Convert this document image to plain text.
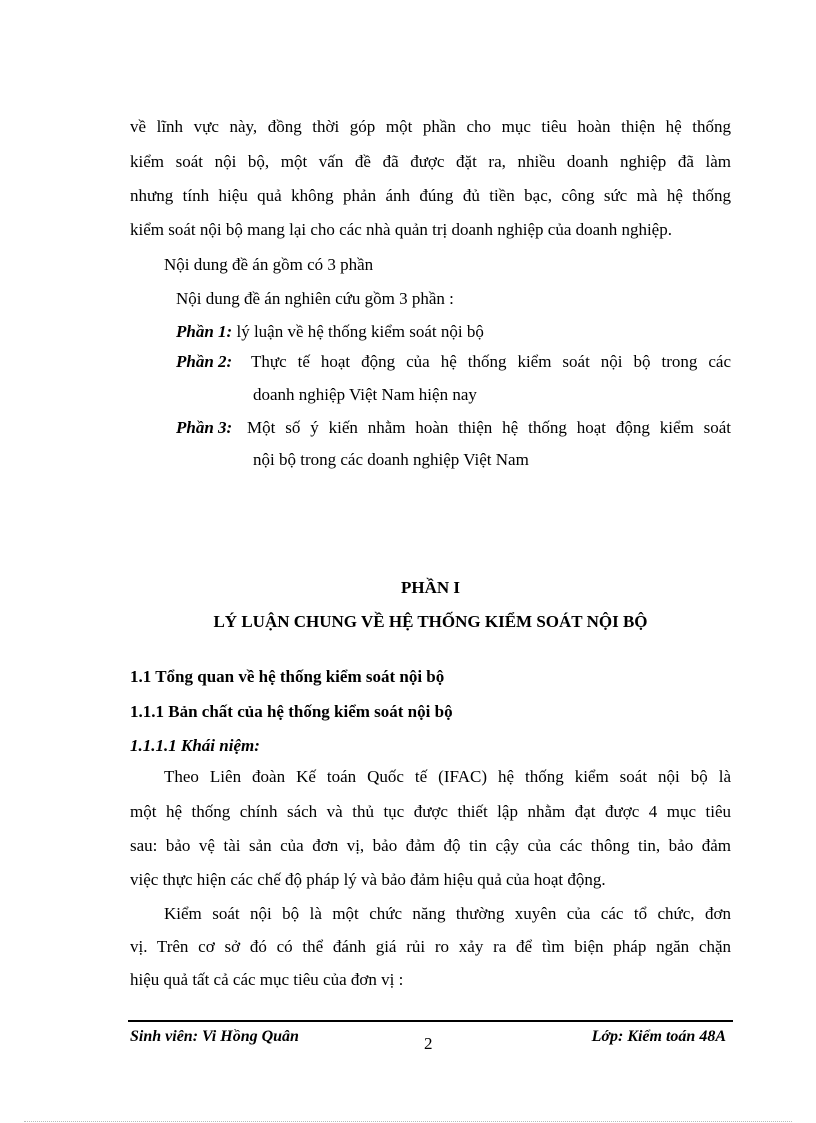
về lĩnh vực này, đồng thời góp một phần cho mục tiêu hoàn thiện hệ thống
kiểm soát nội bộ, một vấn đề đã được đặt ra, nhiều doanh nghiệp đã làm
nhưng tính hiệu quả không phản ánh đúng đủ tiền bạc, công sức mà hệ thống
kiểm soát nội bộ mang lại cho các nhà quản trị doanh nghiệp của doanh nghiệp.
Nội dung đề án gồm có 3 phần
Nội dung đề án nghiên cứu gồm 3 phần :
Phần 1: lý luận về hệ thống kiểm soát nội bộ
Phần 2: Thực tế hoạt động của hệ thống kiểm soát nội bộ trong các
doanh nghiệp Việt Nam hiện nay
Phần 3: Một số ý kiến nhằm hoàn thiện hệ thống hoạt động kiểm soát
nội bộ trong các doanh nghiệp Việt Nam
PHẦN I
LÝ LUẬN CHUNG VỀ HỆ THỐNG KIỂM SOÁT NỘI BỘ
1.1 Tổng quan về hệ thống kiểm soát nội bộ
1.1.1 Bản chất của hệ thống kiểm soát nội bộ
1.1.1.1 Khái niệm:
Theo Liên đoàn Kế toán Quốc tế (IFAC) hệ thống kiểm soát nội bộ là
một hệ thống chính sách và thủ tục được thiết lập nhằm đạt được 4 mục tiêu
sau: bảo vệ tài sản của đơn vị, bảo đảm độ tin cậy của các thông tin, bảo đảm
việc thực hiện các chế độ pháp lý và bảo đảm hiệu quả của hoạt động.
Kiểm soát nội bộ là một chức năng thường xuyên của các tổ chức, đơn
vị. Trên cơ sở đó có thể đánh giá rủi ro xảy ra để tìm biện pháp ngăn chặn
hiệu quả tất cả các mục tiêu của đơn vị :
Sinh viên: Vi Hồng Quân	2	Lớp: Kiểm toán 48A
